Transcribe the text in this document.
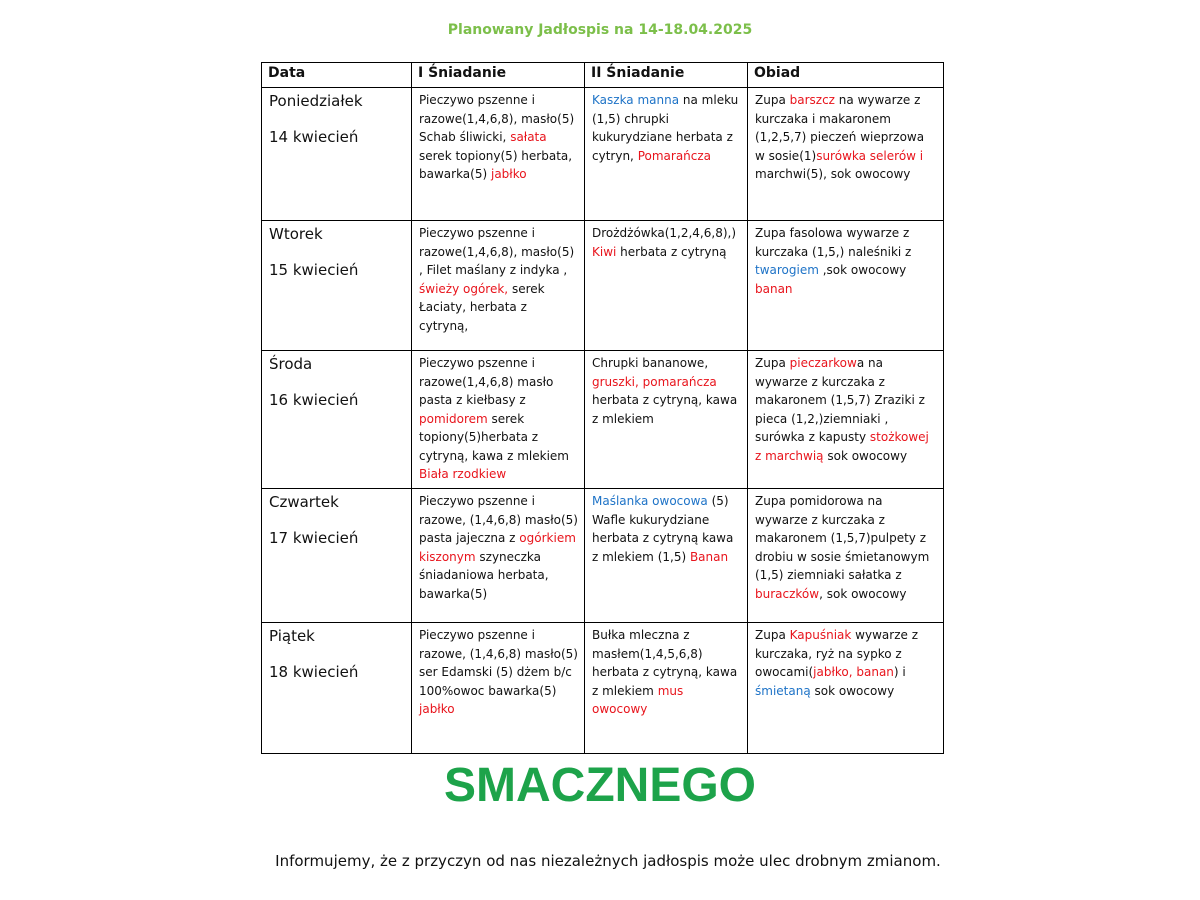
Planowany Jadłospis na 14-18.04.2025
Data	I Śniadanie	II Śniadanie	Obiad

Poniedziałek
14 kwiecień	Pieczywo pszenne i razowe(1,4,6,8), masło(5) Schab śliwicki, sałata serek topiony(5) herbata, bawarka(5) jabłko	Kaszka manna na mleku (1,5) chrupki kukurydziane herbata z cytryn, Pomarańcza	Zupa barszcz na wywarze z kurczaka i makaronem (1,2,5,7) pieczeń wieprzowa w sosie(1)surówka selerów i marchwi(5), sok owocowy

Wtorek
15 kwiecień	Pieczywo pszenne i razowe(1,4,6,8), masło(5) , Filet maślany z indyka , świeży ogórek, serek Łaciaty, herbata z cytryną,	Drożdżówka(1,2,4,6,8),) Kiwi herbata z cytryną	Zupa fasolowa wywarze z kurczaka (1,5,) naleśniki z twarogiem ,sok owocowy banan

Środa
16 kwiecień	Pieczywo pszenne i razowe(1,4,6,8) masło pasta z kiełbasy z pomidorem serek topiony(5)herbata z cytryną, kawa z mlekiem Biała rzodkiew	Chrupki bananowe, gruszki, pomarańcza herbata z cytryną, kawa z mlekiem	Zupa pieczarkowa na wywarze z kurczaka z makaronem (1,5,7) Zraziki z pieca (1,2,)ziemniaki , surówka z kapusty stożkowej z marchwią sok owocowy

Czwartek
17 kwiecień	Pieczywo pszenne i razowe, (1,4,6,8) masło(5) pasta jajeczna z ogórkiem kiszonym szyneczka śniadaniowa herbata, bawarka(5)	Maślanka owocowa (5) Wafle kukurydziane herbata z cytryną kawa z mlekiem (1,5) Banan	Zupa pomidorowa na wywarze z kurczaka z makaronem (1,5,7)pulpety z drobiu w sosie śmietanowym (1,5) ziemniaki sałatka z buraczków, sok owocowy

Piątek
18 kwiecień	Pieczywo pszenne i razowe, (1,4,6,8) masło(5) ser Edamski (5) dżem b/c 100%owoc bawarka(5) jabłko	Bułka mleczna z masłem(1,4,5,6,8) herbata z cytryną, kawa z mlekiem mus owocowy	Zupa Kapuśniak wywarze z kurczaka, ryż na sypko z owocami(jabłko, banan) i śmietaną sok owocowy
SMACZNEGO
Informujemy, że z przyczyn od nas niezależnych jadłospis może ulec drobnym zmianom.
